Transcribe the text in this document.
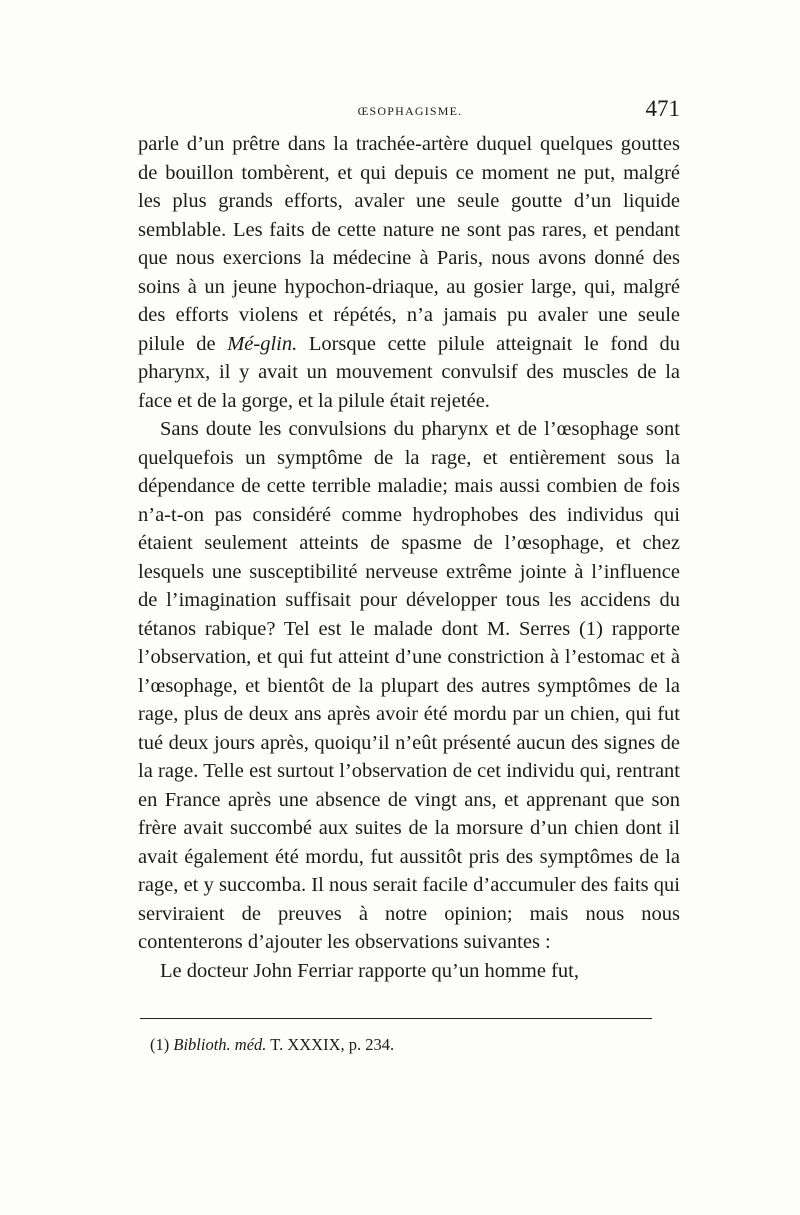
ŒSOPHAGISME.	471

parle d’un prêtre dans la trachée-artère duquel quelques gouttes de bouillon tombèrent, et qui depuis ce moment ne put, malgré les plus grands efforts, avaler une seule goutte d’un liquide semblable. Les faits de cette nature ne sont pas rares, et pendant que nous exercions la médecine à Paris, nous avons donné des soins à un jeune hypochon-driaque, au gosier large, qui, malgré des efforts violens et répétés, n’a jamais pu avaler une seule pilule de Mé-glin. Lorsque cette pilule atteignait le fond du pharynx, il y avait un mouvement convulsif des muscles de la face et de la gorge, et la pilule était rejetée.

Sans doute les convulsions du pharynx et de l’œsophage sont quelquefois un symptôme de la rage, et entièrement sous la dépendance de cette terrible maladie; mais aussi combien de fois n’a-t-on pas considéré comme hydrophobes des individus qui étaient seulement atteints de spasme de l’œsophage, et chez lesquels une susceptibilité nerveuse extrême jointe à l’influence de l’imagination suffisait pour développer tous les accidens du tétanos rabique? Tel est le malade dont M. Serres (1) rapporte l’observation, et qui fut atteint d’une constriction à l’estomac et à l’œsophage, et bientôt de la plupart des autres symptômes de la rage, plus de deux ans après avoir été mordu par un chien, qui fut tué deux jours après, quoiqu’il n’eût présenté aucun des signes de la rage. Telle est surtout l’observation de cet individu qui, rentrant en France après une absence de vingt ans, et apprenant que son frère avait succombé aux suites de la morsure d’un chien dont il avait également été mordu, fut aussitôt pris des symptômes de la rage, et y succomba. Il nous serait facile d’accumuler des faits qui serviraient de preuves à notre opinion; mais nous nous contenterons d’ajouter les observations suivantes :

Le docteur John Ferriar rapporte qu’un homme fut,

(1) Biblioth. méd. T. XXXIX, p. 234.
